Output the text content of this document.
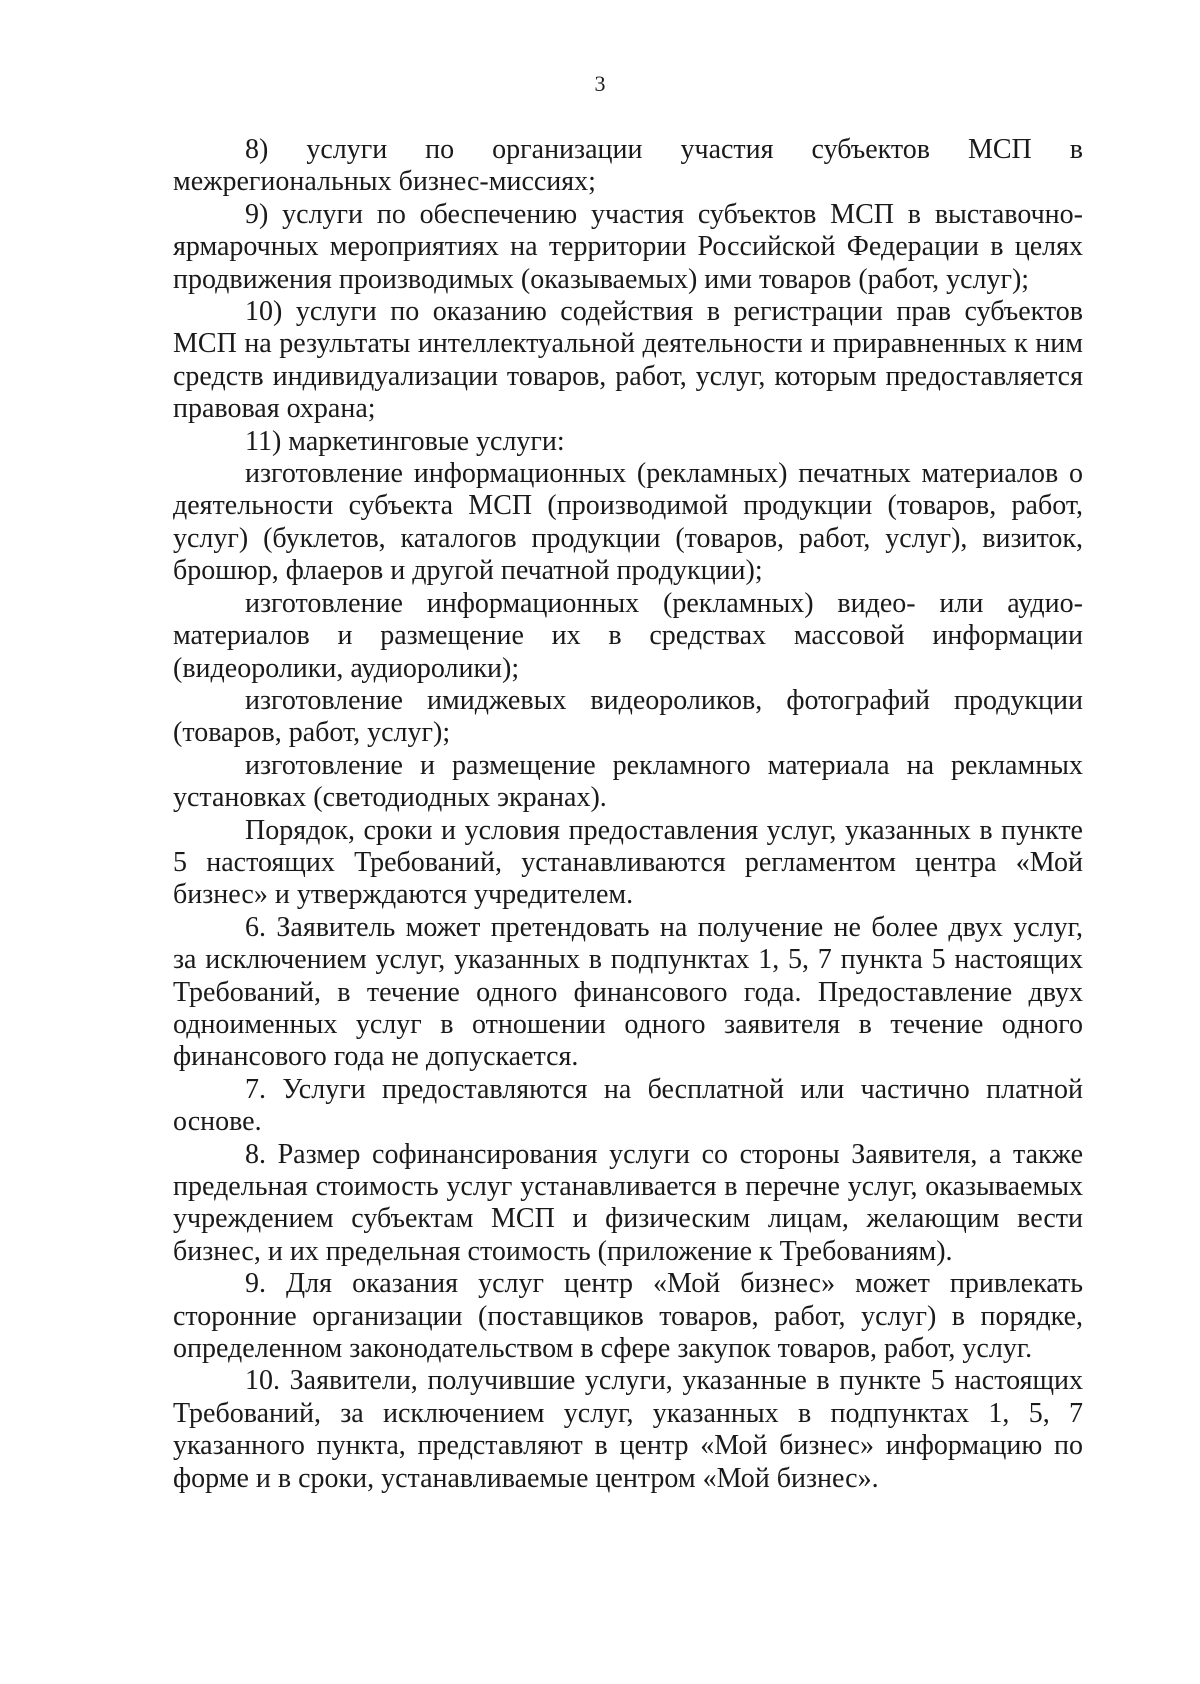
3

8) услуги по организации участия субъектов МСП в межрегиональных бизнес-миссиях;

9) услуги по обеспечению участия субъектов МСП в выставочно-ярмарочных мероприятиях на территории Российской Федерации в целях продвижения производимых (оказываемых) ими товаров (работ, услуг);

10) услуги по оказанию содействия в регистрации прав субъектов МСП на результаты интеллектуальной деятельности и приравненных к ним средств индивидуализации товаров, работ, услуг, которым предоставляется правовая охрана;

11) маркетинговые услуги:

изготовление информационных (рекламных) печатных материалов о деятельности субъекта МСП (производимой продукции (товаров, работ, услуг) (буклетов, каталогов продукции (товаров, работ, услуг), визиток, брошюр, флаеров и другой печатной продукции);

изготовление информационных (рекламных) видео- или аудио-материалов и размещение их в средствах массовой информации (видеоролики, аудиоролики);

изготовление имиджевых видеороликов, фотографий продукции (товаров, работ, услуг);

изготовление и размещение рекламного материала на рекламных установках (светодиодных экранах).

Порядок, сроки и условия предоставления услуг, указанных в пункте 5 настоящих Требований, устанавливаются регламентом центра «Мой бизнес» и утверждаются учредителем.

6. Заявитель может претендовать на получение не более двух услуг, за исключением услуг, указанных в подпунктах 1, 5, 7 пункта 5 настоящих Требований, в течение одного финансового года. Предоставление двух одноименных услуг в отношении одного заявителя в течение одного финансового года не допускается.

7. Услуги предоставляются на бесплатной или частично платной основе.

8. Размер софинансирования услуги со стороны Заявителя, а также предельная стоимость услуг устанавливается в перечне услуг, оказываемых учреждением субъектам МСП и физическим лицам, желающим вести бизнес, и их предельная стоимость (приложение к Требованиям).

9. Для оказания услуг центр «Мой бизнес» может привлекать сторонние организации (поставщиков товаров, работ, услуг) в порядке, определенном законодательством в сфере закупок товаров, работ, услуг.

10. Заявители, получившие услуги, указанные в пункте 5 настоящих Требований, за исключением услуг, указанных в подпунктах 1, 5, 7 указанного пункта, представляют в центр «Мой бизнес» информацию по форме и в сроки, устанавливаемые центром «Мой бизнес».
